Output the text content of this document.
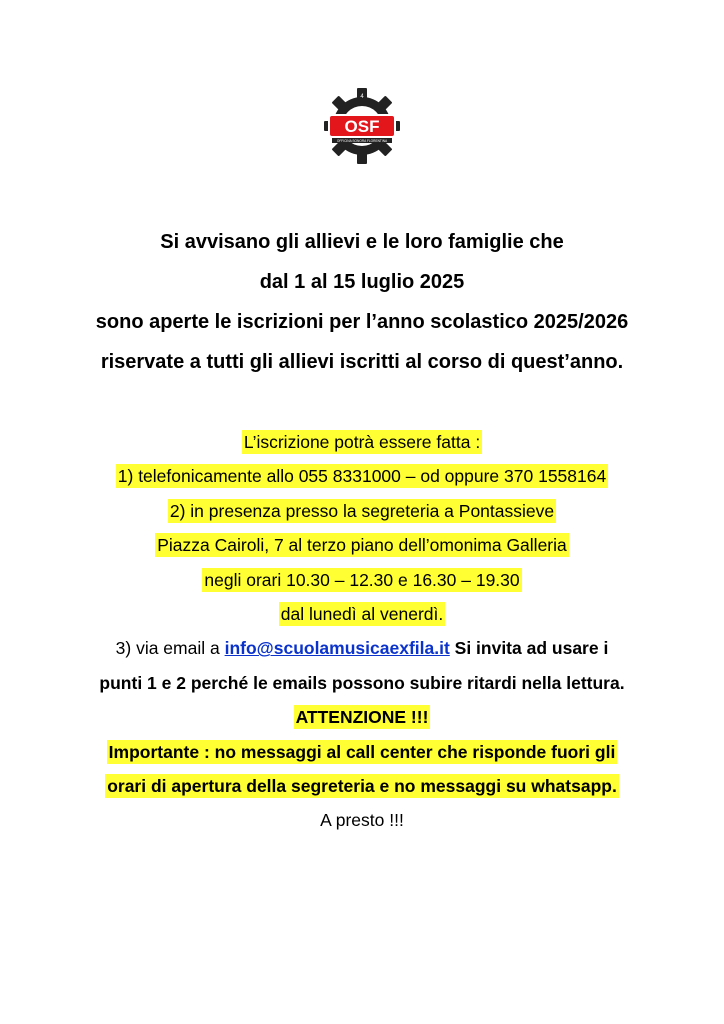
OSF
OFFICINA SONORA FLORENTINA
4
Si avvisano gli allievi e le loro famiglie che
dal 1 al 15 luglio 2025
sono aperte le iscrizioni per l’anno scolastico 2025/2026
riservate a tutti gli allievi iscritti al corso di quest’anno.
L’iscrizione potrà essere fatta :
1) telefonicamente allo 055 8331000 – od oppure 370 1558164
2) in presenza presso la segreteria a Pontassieve
Piazza Cairoli, 7 al terzo piano dell’omonima Galleria
negli orari 10.30 – 12.30 e 16.30 – 19.30
dal lunedì al venerdì.
3) via email a info@scuolamusicaexfila.it Si invita ad usare i
punti 1 e 2 perché le emails possono subire ritardi nella lettura.
ATTENZIONE !!!
Importante : no messaggi al call center che risponde fuori gli
orari di apertura della segreteria e no messaggi su whatsapp.
A presto !!!
